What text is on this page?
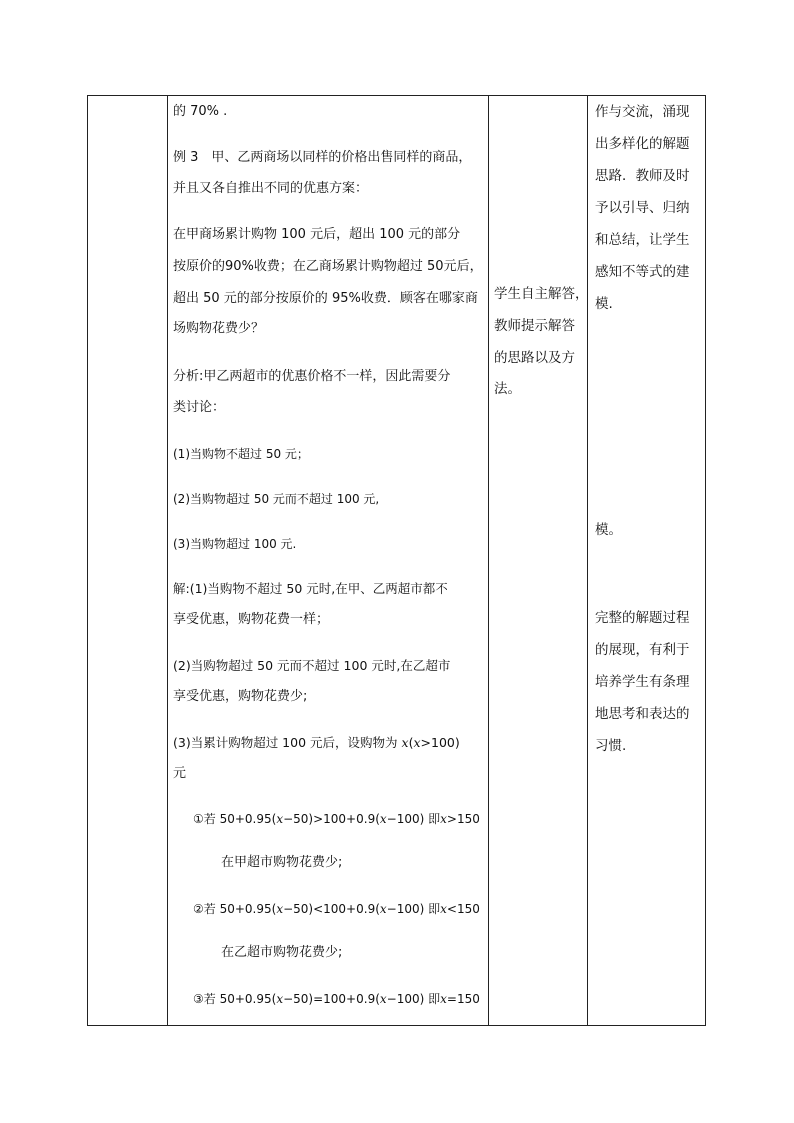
的 70% .
例 3　甲、乙两商场以同样的价格出售同样的商品，
并且又各自推出不同的优惠方案：
在甲商场累计购物 100 元后，超出 100 元的部分
按原价的90%收费；在乙商场累计购物超过 50元后，
超出 50 元的部分按原价的 95%收费．顾客在哪家商
场购物花费少？
分析:甲乙两超市的优惠价格不一样，因此需要分
类讨论：
(1)当购物不超过 50 元；
(2)当购物超过 50 元而不超过 100 元,
(3)当购物超过 100 元.
解:(1)当购物不超过 50 元时,在甲、乙两超市都不
享受优惠，购物花费一样；
(2)当购物超过 50 元而不超过 100 元时,在乙超市
享受优惠，购物花费少;
(3)当累计购物超过 100 元后，设购物为 x(x>100)
元
①若 50+0.95(x−50)>100+0.9(x−100) 即x>150
在甲超市购物花费少;
②若 50+0.95(x−50)<100+0.9(x−100) 即x<150
在乙超市购物花费少;
③若 50+0.95(x−50)=100+0.9(x−100) 即x=150
学生自主解答，
教师提示解答
的思路以及方
法。
作与交流，涌现
出多样化的解题
思路．教师及时
予以引导、归纳
和总结，让学生
感知不等式的建
模.
模。
完整的解题过程
的展现，有利于
培养学生有条理
地思考和表达的
习惯.
